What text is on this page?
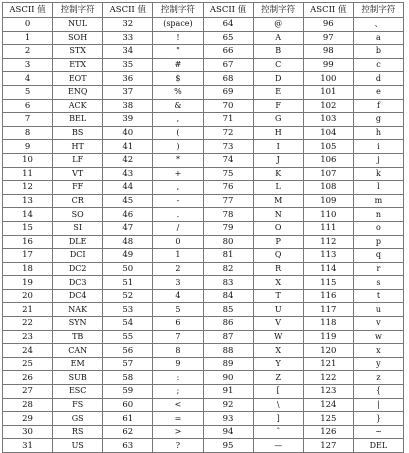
ASCII 值	控制字符	ASCII 值	控制字符	ASCII 值	控制字符	ASCII 值	控制字符
0	NUL	32	(space)	64	@	96	、
1	SOH	33	!	65	A	97	a
2	STX	34	"	66	B	98	b
3	ETX	35	#	67	C	99	c
4	EOT	36	$	68	D	100	d
5	ENQ	37	%	69	E	101	e
6	ACK	38	&	70	F	102	f
7	BEL	39	,	71	G	103	g
8	BS	40	(	72	H	104	h
9	HT	41	)	73	I	105	i
10	LF	42	*	74	J	106	j
11	VT	43	+	75	K	107	k
12	FF	44	,	76	L	108	l
13	CR	45	-	77	M	109	m
14	SO	46	.	78	N	110	n
15	SI	47	/	79	O	111	o
16	DLE	48	0	80	P	112	p
17	DCI	49	1	81	Q	113	q
18	DC2	50	2	82	R	114	r
19	DC3	51	3	83	X	115	s
20	DC4	52	4	84	T	116	t
21	NAK	53	5	85	U	117	u
22	SYN	54	6	86	V	118	v
23	TB	55	7	87	W	119	w
24	CAN	56	8	88	X	120	x
25	EM	57	9	89	Y	121	y
26	SUB	58	:	90	Z	122	z
27	ESC	59	;	91	[	123	{
28	FS	60	<	92	\	124	|
29	GS	61	=	93	]	125	}
30	RS	62	>	94	ˆ	126	~
31	US	63	?	95	—	127	DEL
